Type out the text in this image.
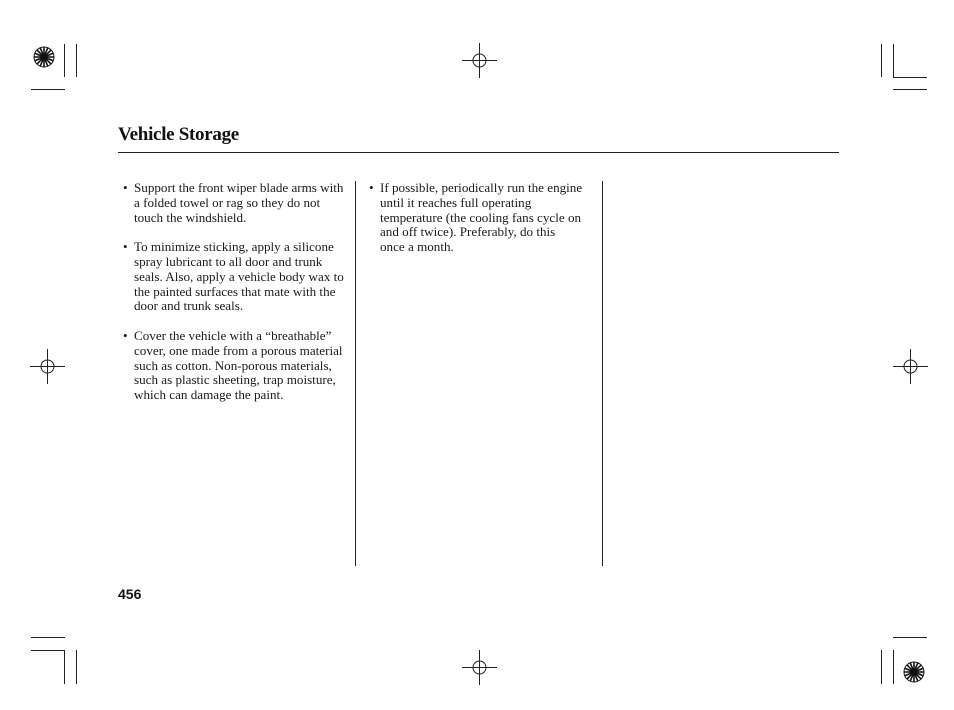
Vehicle Storage
• Support the front wiper blade arms with a folded towel or rag so they do not touch the windshield.
• To minimize sticking, apply a silicone spray lubricant to all door and trunk seals. Also, apply a vehicle body wax to the painted surfaces that mate with the door and trunk seals.
• Cover the vehicle with a “breathable” cover, one made from a porous material such as cotton. Non-porous materials, such as plastic sheeting, trap moisture, which can damage the paint.
• If possible, periodically run the engine until it reaches full operating temperature (the cooling fans cycle on and off twice). Preferably, do this once a month.
456
